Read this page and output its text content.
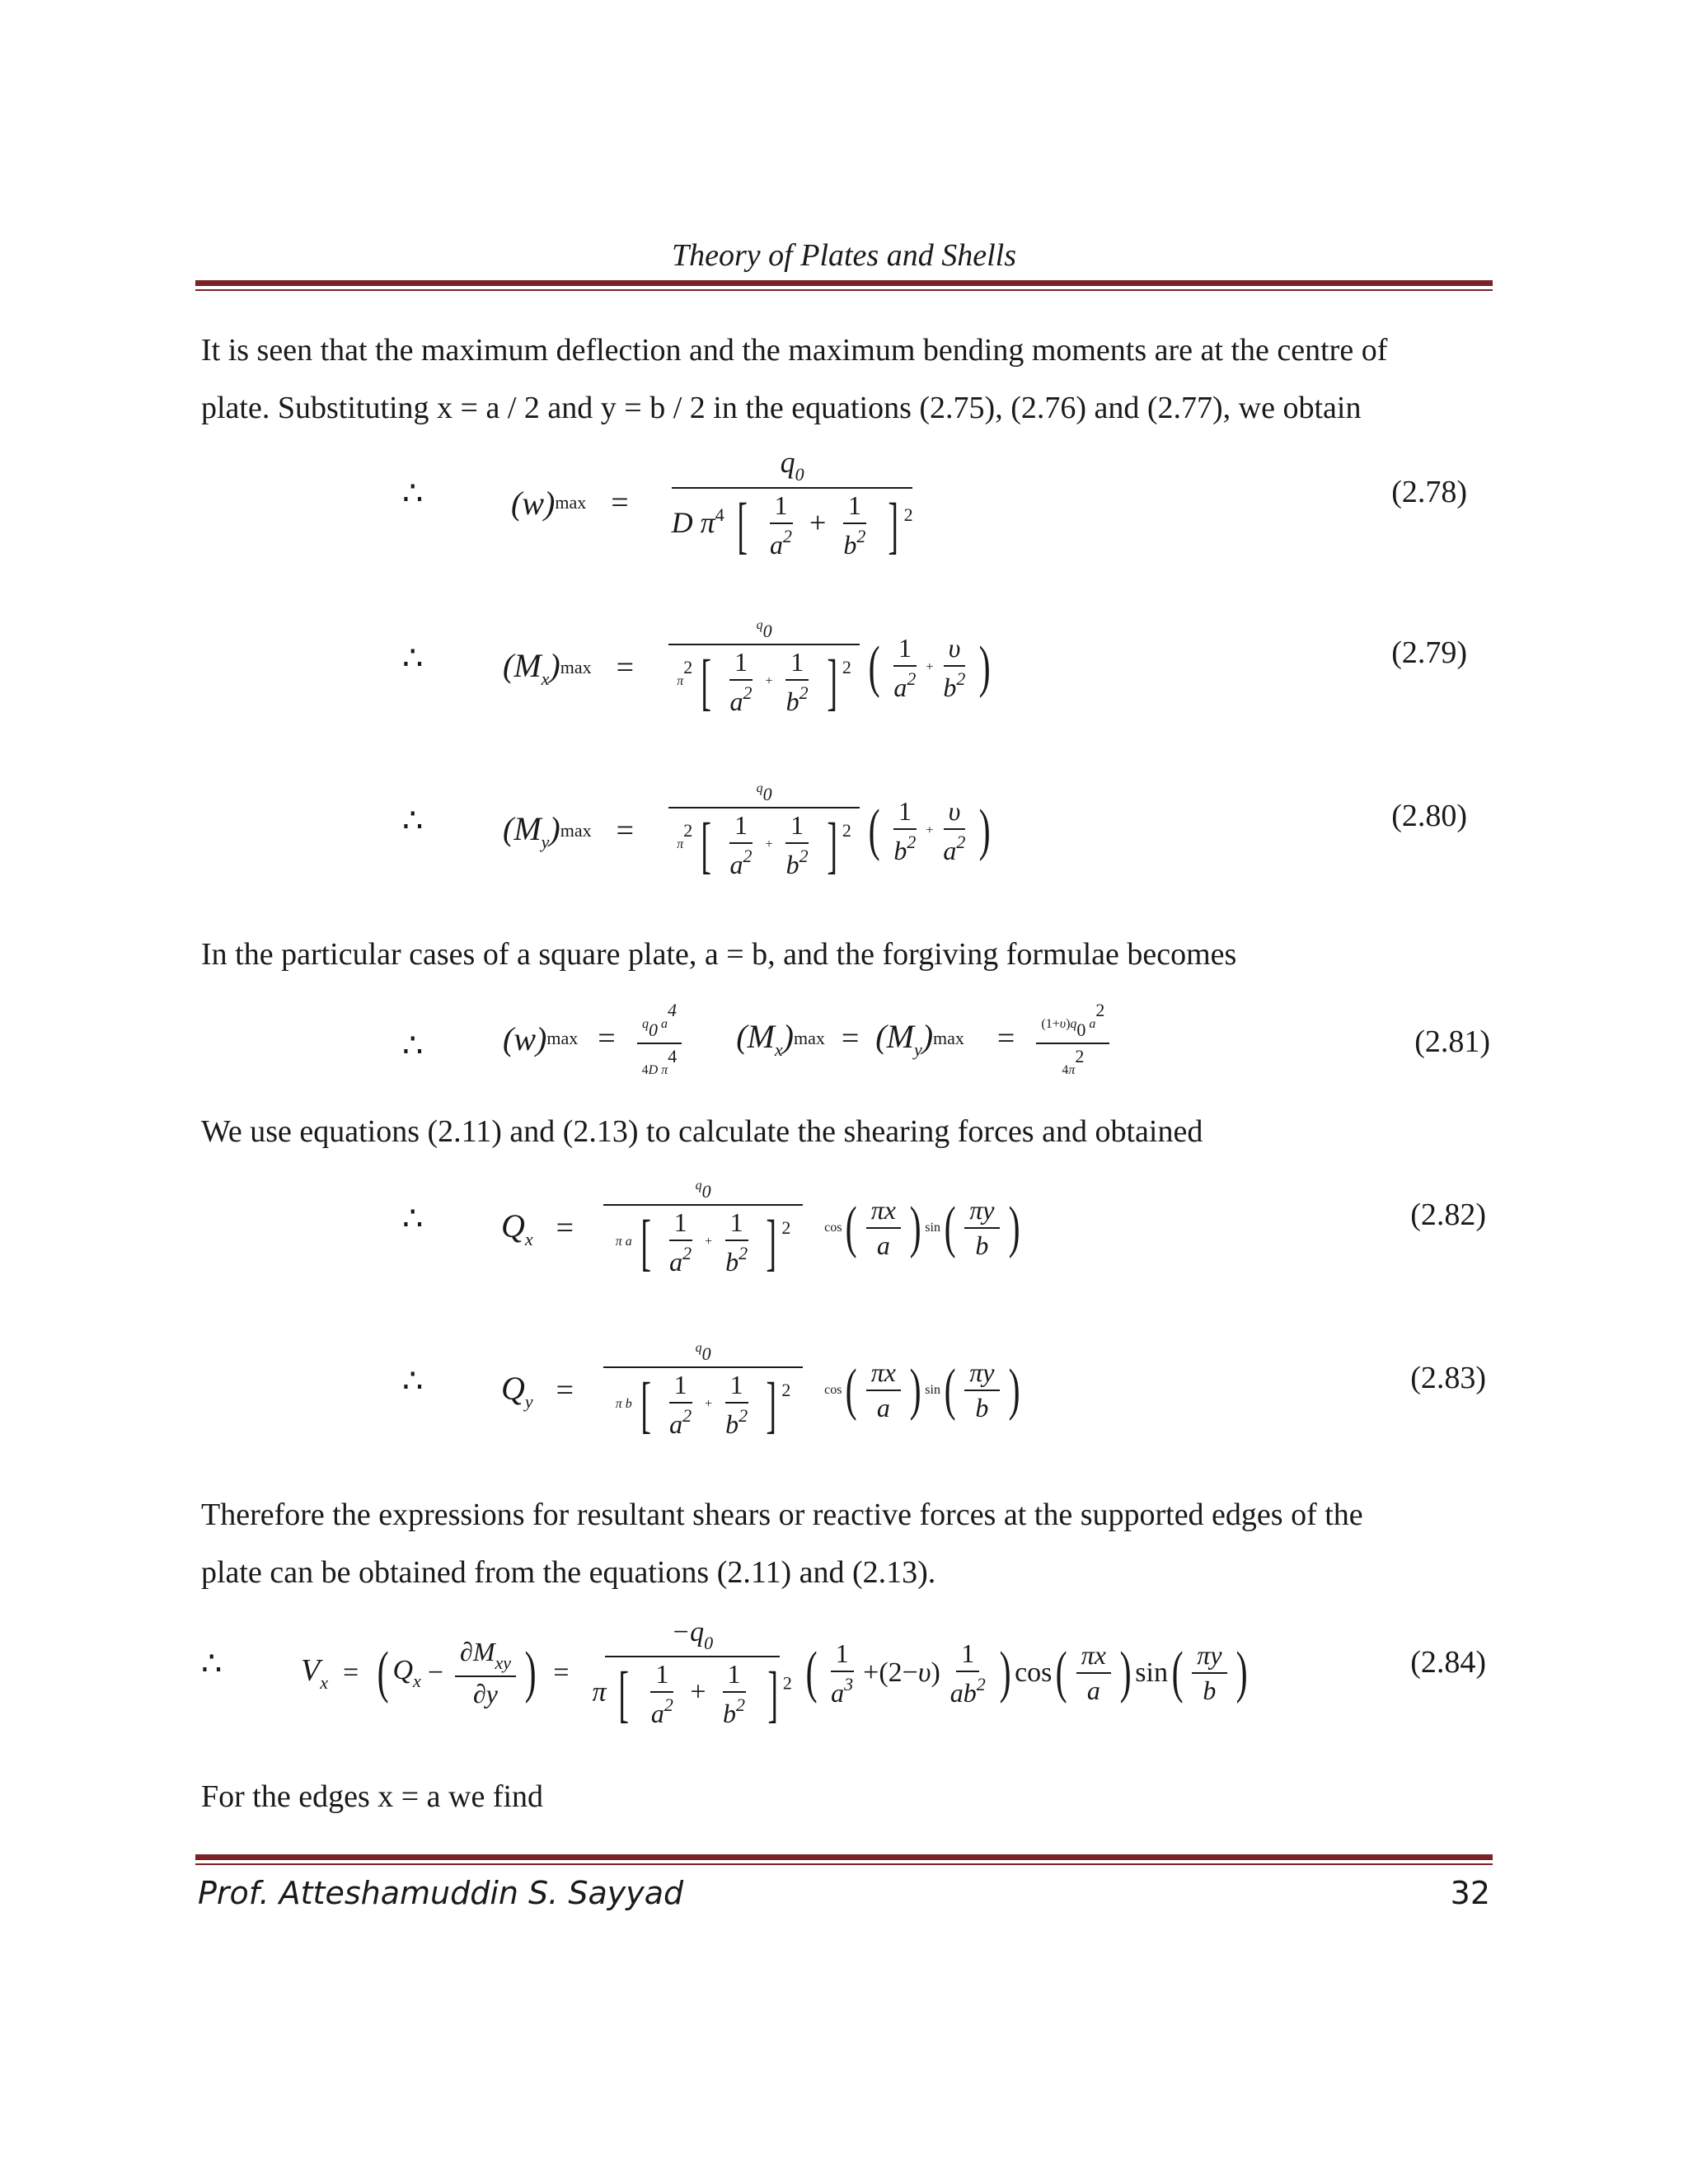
Theory of Plates and Shells
It is seen that the maximum deflection and the maximum bending moments are at the centre of
plate. Substituting x = a / 2 and y = b / 2 in the equations (2.75), (2.76) and (2.77), we obtain
∴	(w) $\max = \frac{q_0}{D \pi^4 [ \frac{1}{a^2} + \frac{1}{b^2} ] ^2}$	(2.78)
∴ $(M_x) \max$ =	$\frac{q0}{\pi 2 [ \frac{1}{a^2} + \frac{1}{b^2} ] 2}$ ( $\frac{1}{a^2} + \frac{\upsilon}{b^2}$ )	(2.79)
∴ $(M_y) \max$ =	$\frac{q0}{\pi 2 [ \frac{1}{a^2} + \frac{1}{b^2} ] 2}$ ( $\frac{1}{b^2} + \frac{\upsilon}{a^2}$ )	(2.80)
In the particular cases of a square plate, a = b, and the forgiving formulae becomes
∴ (w) $\max = \frac{q0 a4}{\text{4D π4}} (M_x) \max = (M_y) \max = \frac{(1+\upsilon)q0 a2}{4\pi 2}$	(2.81)
We use equations (2.11) and (2.13) to calculate the shearing forces and obtained
∴ $Q_x = \frac{q0}{\pi a [ \frac{1}{a^2} + \frac{1}{b^2} ] 2}$ cos ( $\frac{\pi x}{a}$ ) sin ( $\frac{\pi y}{b}$ )	(2.82)
∴ $Q_y = \frac{q0}{\pi b [ \frac{1}{a^2} + \frac{1}{b^2} ] 2}$ cos ( $\frac{\pi x}{a}$ ) sin ( $\frac{\pi y}{b}$ )	(2.83)
Therefore the expressions for resultant shears or reactive forces at the supported edges of the
plate can be obtained from the equations (2.11) and (2.13).
∴	$V_x$ = ( $Q_x - \frac{\partial M_{xy}}{\partial y}$ ) = $\frac{-q_0}{\pi [ \frac{1}{a^2} + \frac{1}{b^2} ] ^2}$ ( $\frac{1}{a^3} +(2-\upsilon) \frac{1}{ab^2}$ ) cos ( $\frac{\pi x}{a}$ ) sin ( $\frac{\pi y}{b}$ )	(2.84)
For the edges x = a we find
Prof. Atteshamuddin S. Sayyad	32
